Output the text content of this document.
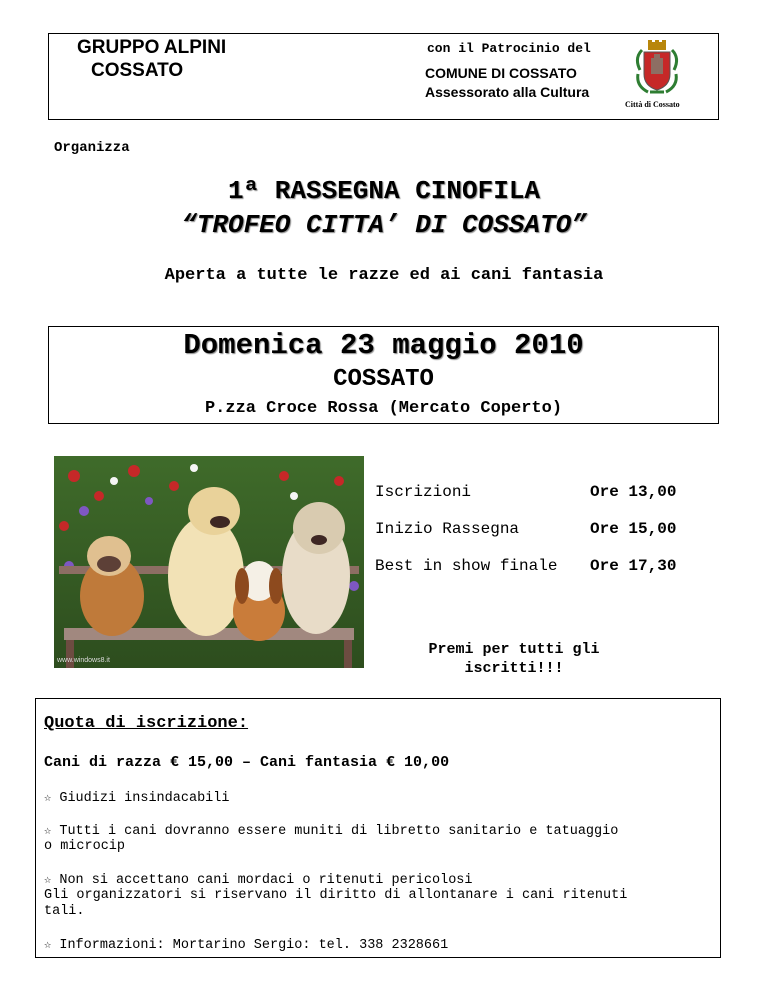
GRUPPO ALPINI
COSSATO
con il Patrocinio del
COMUNE DI COSSATO
Assessorato alla Cultura
Città di Cossato
Organizza
1ª RASSEGNA CINOFILA
“TROFEO CITTA’ DI COSSATO”
Aperta a tutte le razze ed ai cani fantasia
Domenica 23 maggio 2010
COSSATO
P.zza Croce Rossa (Mercato Coperto)
www.windows8.it
Iscrizioni	Ore 13,00
Inizio Rassegna	Ore 15,00
Best in show finale Ore 17,30
Premi per tutti gli
iscritti!!!
Quota di iscrizione:
Cani di razza € 15,00 – Cani fantasia € 10,00
☆ Giudizi insindacabili
☆ Tutti i cani dovranno essere muniti di libretto sanitario e tatuaggio
o microcip
☆ Non si accettano cani mordaci o ritenuti pericolosi
Gli organizzatori si riservano il diritto di allontanare i cani ritenuti
tali.
☆ Informazioni: Mortarino Sergio: tel. 338 2328661
